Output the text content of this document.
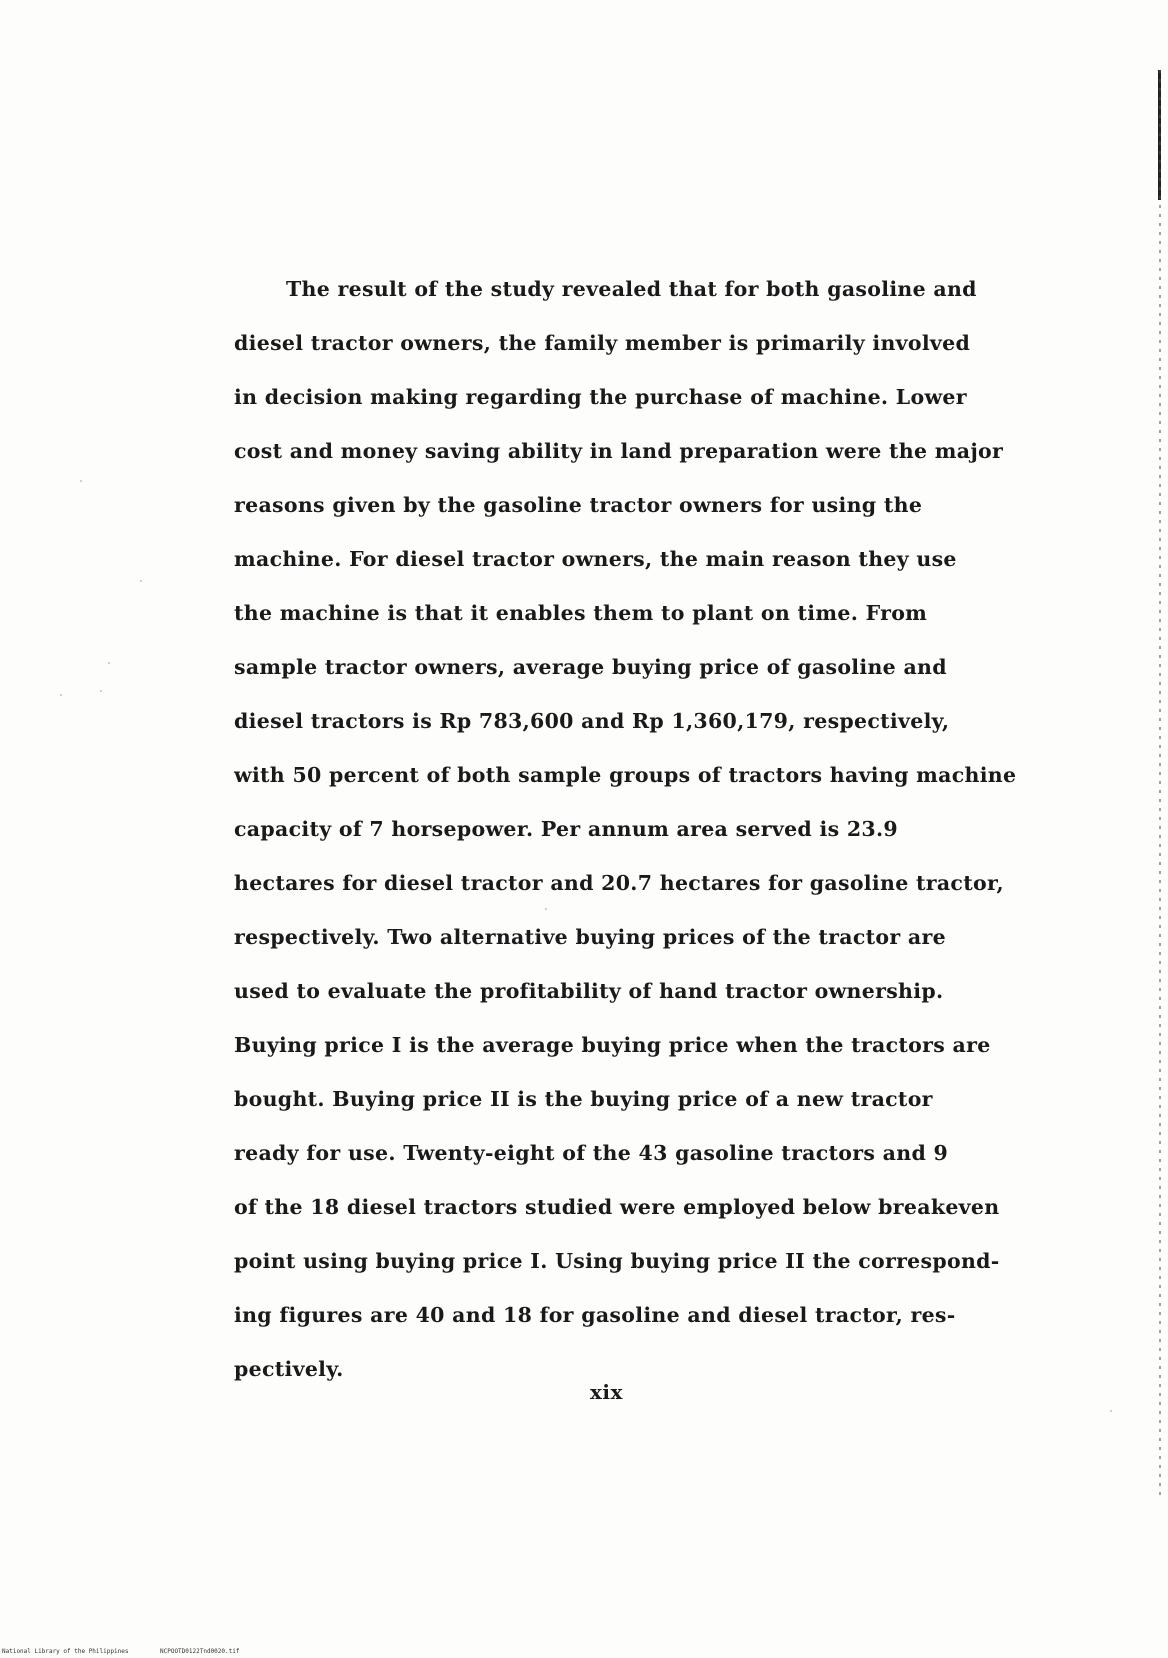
The result of the study revealed that for both gasoline and
diesel tractor owners, the family member is primarily involved
in decision making regarding the purchase of machine. Lower
cost and money saving ability in land preparation were the major
reasons given by the gasoline tractor owners for using the
machine. For diesel tractor owners, the main reason they use
the machine is that it enables them to plant on time. From
sample tractor owners, average buying price of gasoline and
diesel tractors is Rp 783,600 and Rp 1,360,179, respectively,
with 50 percent of both sample groups of tractors having machine
capacity of 7 horsepower. Per annum area served is 23.9
hectares for diesel tractor and 20.7 hectares for gasoline tractor,
respectively. Two alternative buying prices of the tractor are
used to evaluate the profitability of hand tractor ownership.
Buying price I is the average buying price when the tractors are
bought. Buying price II is the buying price of a new tractor
ready for use. Twenty-eight of the 43 gasoline tractors and 9
of the 18 diesel tractors studied were employed below breakeven
point using buying price I. Using buying price II the correspond-
ing figures are 40 and 18 for gasoline and diesel tractor, res-
pectively.
xix
National Library of the Philippines	NCPOOTD0122Tnd0020.tif
